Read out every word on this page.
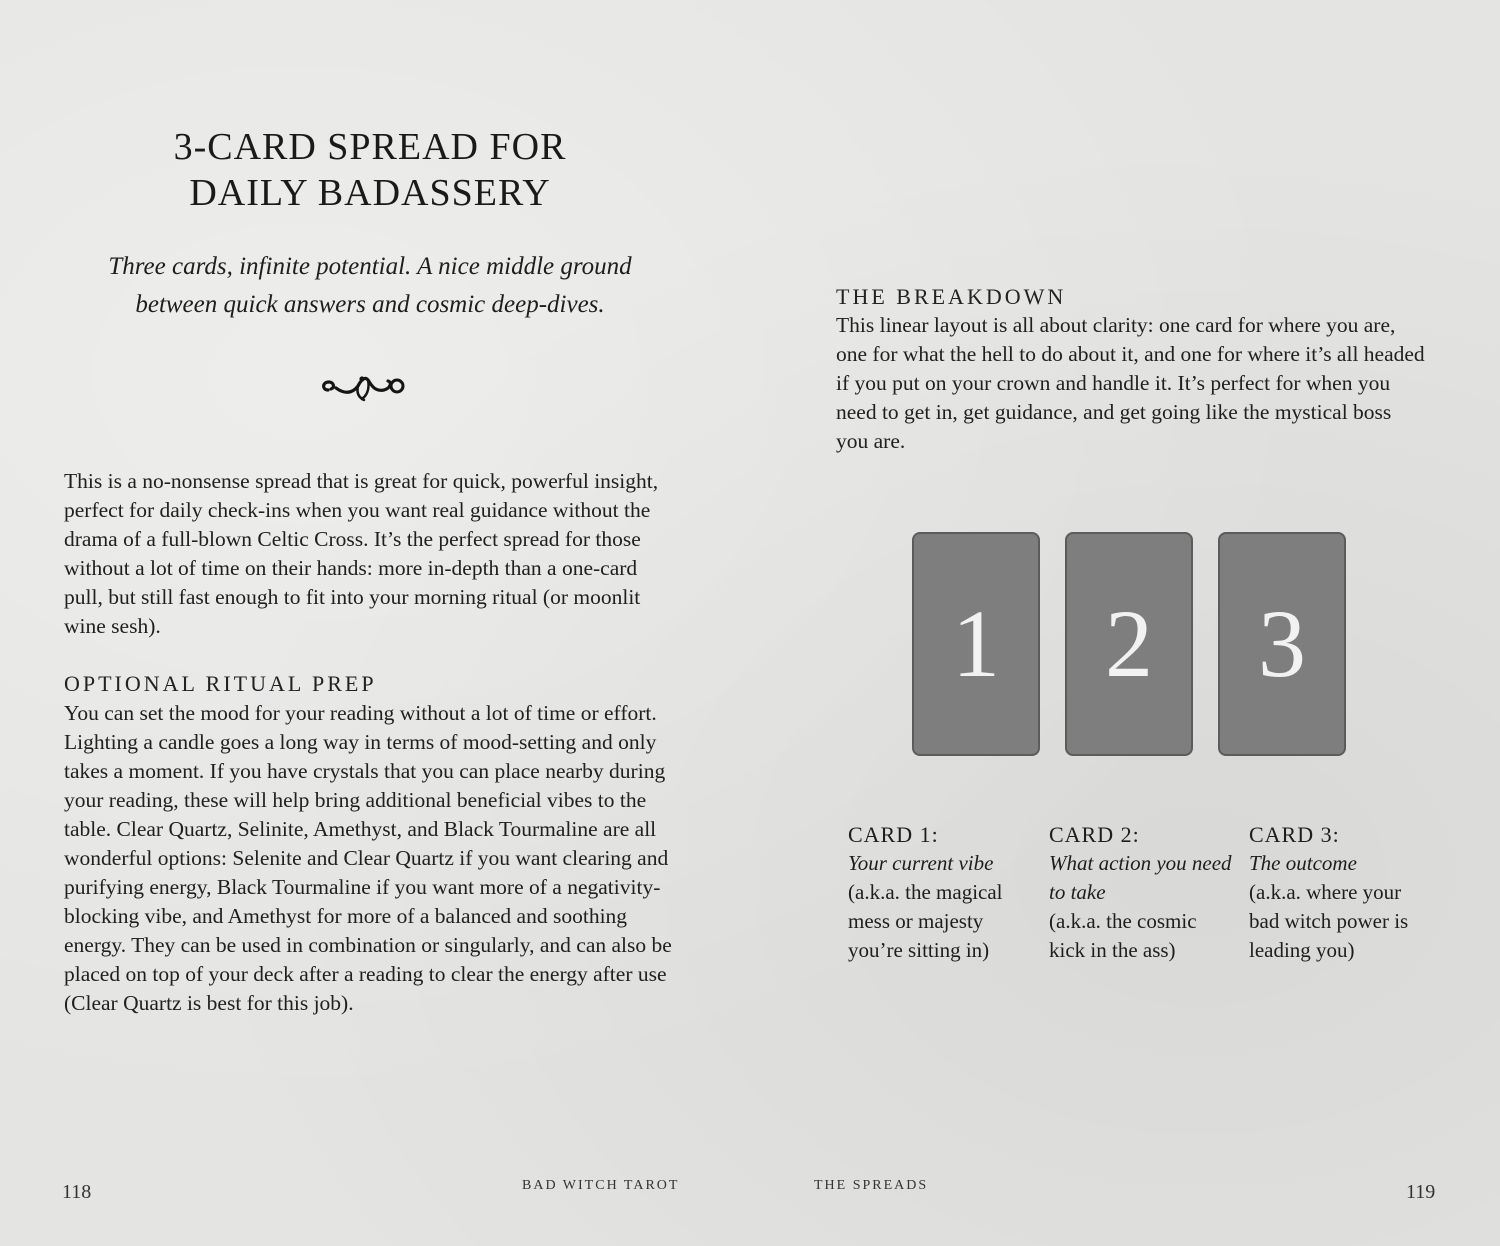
3-CARD SPREAD FOR
DAILY BADASSERY

Three cards, infinite potential. A nice middle ground
between quick answers and cosmic deep-dives.

This is a no-nonsense spread that is great for quick, powerful insight, perfect for daily check-ins when you want real guidance without the drama of a full-blown Celtic Cross. It’s the perfect spread for those without a lot of time on their hands: more in-depth than a one-card pull, but still fast enough to fit into your morning ritual (or moonlit wine sesh).

OPTIONAL RITUAL PREP

You can set the mood for your reading without a lot of time or effort. Lighting a candle goes a long way in terms of mood-setting and only takes a moment. If you have crystals that you can place nearby during your reading, these will help bring additional beneficial vibes to the table. Clear Quartz, Selinite, Amethyst, and Black Tourmaline are all wonderful options: Selenite and Clear Quartz if you want clearing and purifying energy, Black Tourmaline if you want more of a negativity-blocking vibe, and Amethyst for more of a balanced and soothing energy. They can be used in combination or singularly, and can also be placed on top of your deck after a reading to clear the energy after use (Clear Quartz is best for this job).

118	BAD WITCH TAROT
THE BREAKDOWN

This linear layout is all about clarity: one card for where you are, one for what the hell to do about it, and one for where it’s all headed if you put on your crown and handle it. It’s perfect for when you need to get in, get guidance, and get going like the mystical boss you are.

1	2	3
CARD 1:
Your current vibe
(a.k.a. the magical mess or majesty you’re sitting in)
CARD 2:
What action you need to take
(a.k.a. the cosmic kick in the ass)
CARD 3:
The outcome
(a.k.a. where your bad witch power is leading you)
THE SPREADS	119
